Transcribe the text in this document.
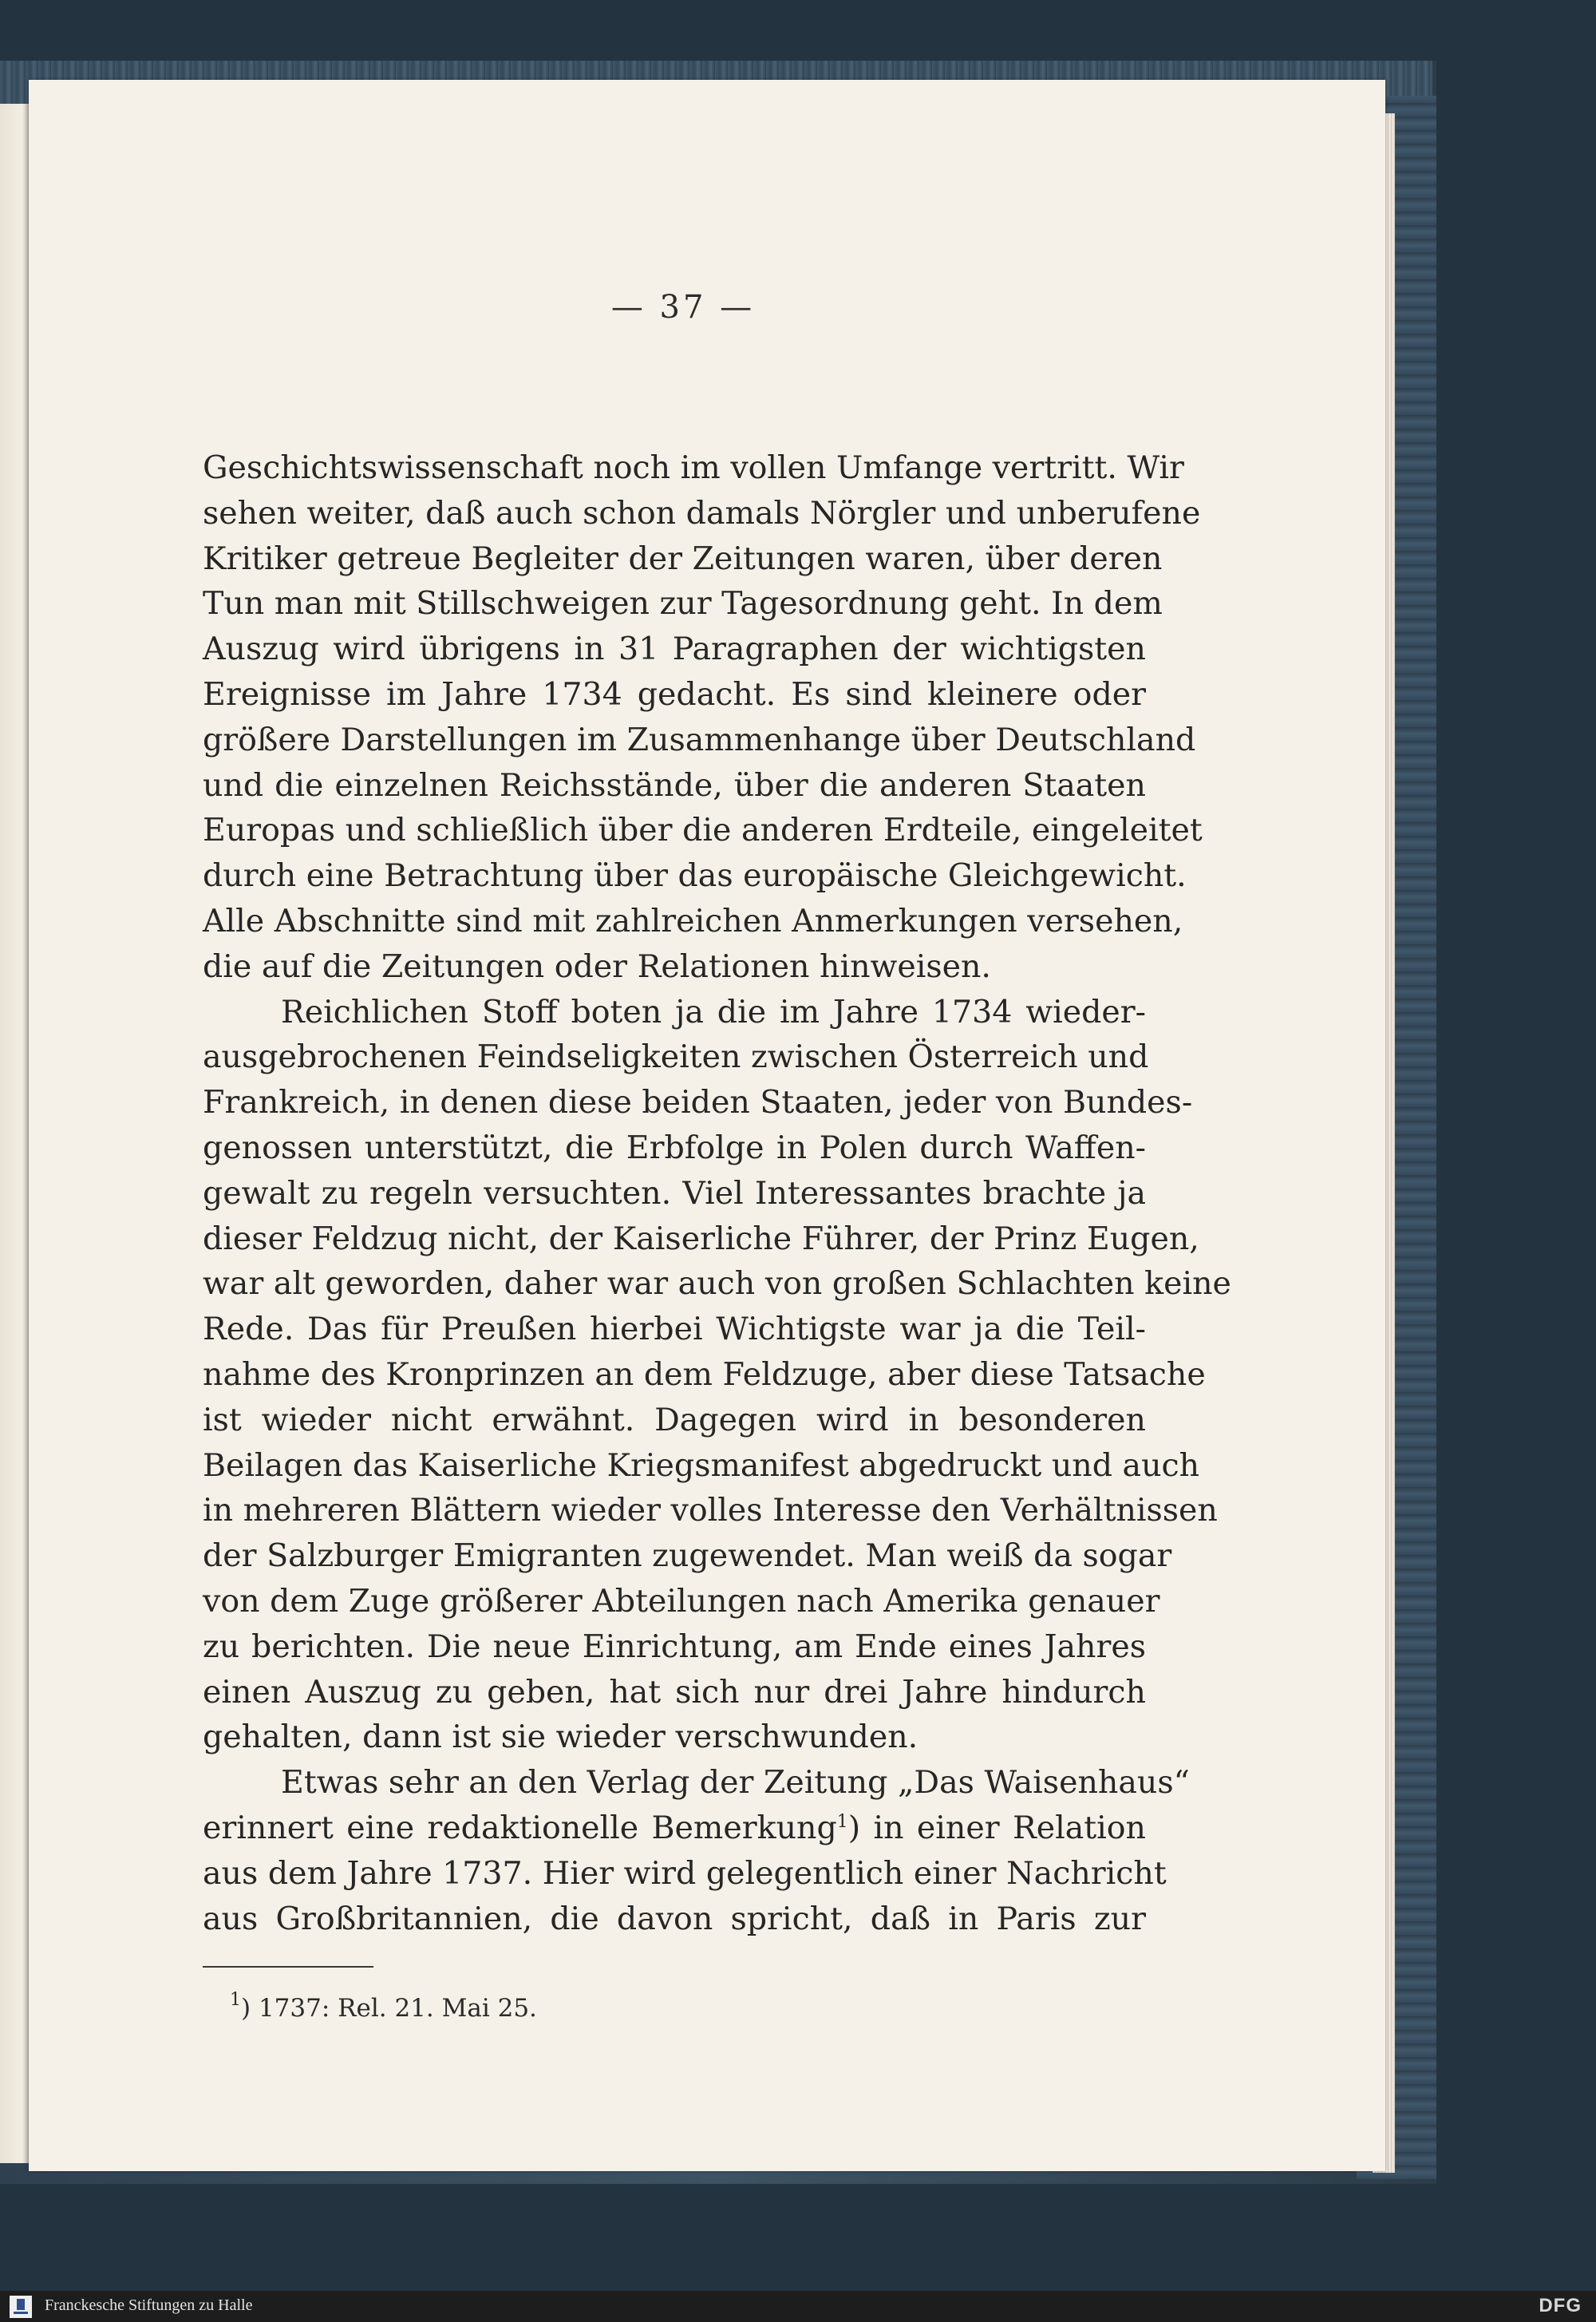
— 37 —
Geschichtswissenschaft noch im vollen Umfange vertritt. Wir
sehen weiter, daß auch schon damals Nörgler und unberufene
Kritiker getreue Begleiter der Zeitungen waren, über deren
Tun man mit Stillschweigen zur Tagesordnung geht. In dem
Auszug wird übrigens in 31 Paragraphen der wichtigsten
Ereignisse im Jahre 1734 gedacht. Es sind kleinere oder
größere Darstellungen im Zusammenhange über Deutschland
und die einzelnen Reichsstände, über die anderen Staaten
Europas und schließlich über die anderen Erdteile, eingeleitet
durch eine Betrachtung über das europäische Gleichgewicht.
Alle Abschnitte sind mit zahlreichen Anmerkungen versehen,
die auf die Zeitungen oder Relationen hinweisen.
Reichlichen Stoff boten ja die im Jahre 1734 wieder-
ausgebrochenen Feindseligkeiten zwischen Österreich und
Frankreich, in denen diese beiden Staaten, jeder von Bundes-
genossen unterstützt, die Erbfolge in Polen durch Waffen-
gewalt zu regeln versuchten. Viel Interessantes brachte ja
dieser Feldzug nicht, der Kaiserliche Führer, der Prinz Eugen,
war alt geworden, daher war auch von großen Schlachten keine
Rede. Das für Preußen hierbei Wichtigste war ja die Teil-
nahme des Kronprinzen an dem Feldzuge, aber diese Tatsache
ist wieder nicht erwähnt. Dagegen wird in besonderen
Beilagen das Kaiserliche Kriegsmanifest abgedruckt und auch
in mehreren Blättern wieder volles Interesse den Verhältnissen
der Salzburger Emigranten zugewendet. Man weiß da sogar
von dem Zuge größerer Abteilungen nach Amerika genauer
zu berichten. Die neue Einrichtung, am Ende eines Jahres
einen Auszug zu geben, hat sich nur drei Jahre hindurch
gehalten, dann ist sie wieder verschwunden.
Etwas sehr an den Verlag der Zeitung „Das Waisenhaus“
erinnert eine redaktionelle Bemerkung$^1$) in einer Relation
aus dem Jahre 1737. Hier wird gelegentlich einer Nachricht
aus Großbritannien, die davon spricht, daß in Paris zur
$^1$) 1737: Rel. 21. Mai 25.
Franckesche Stiftungen zu Halle	DFG
